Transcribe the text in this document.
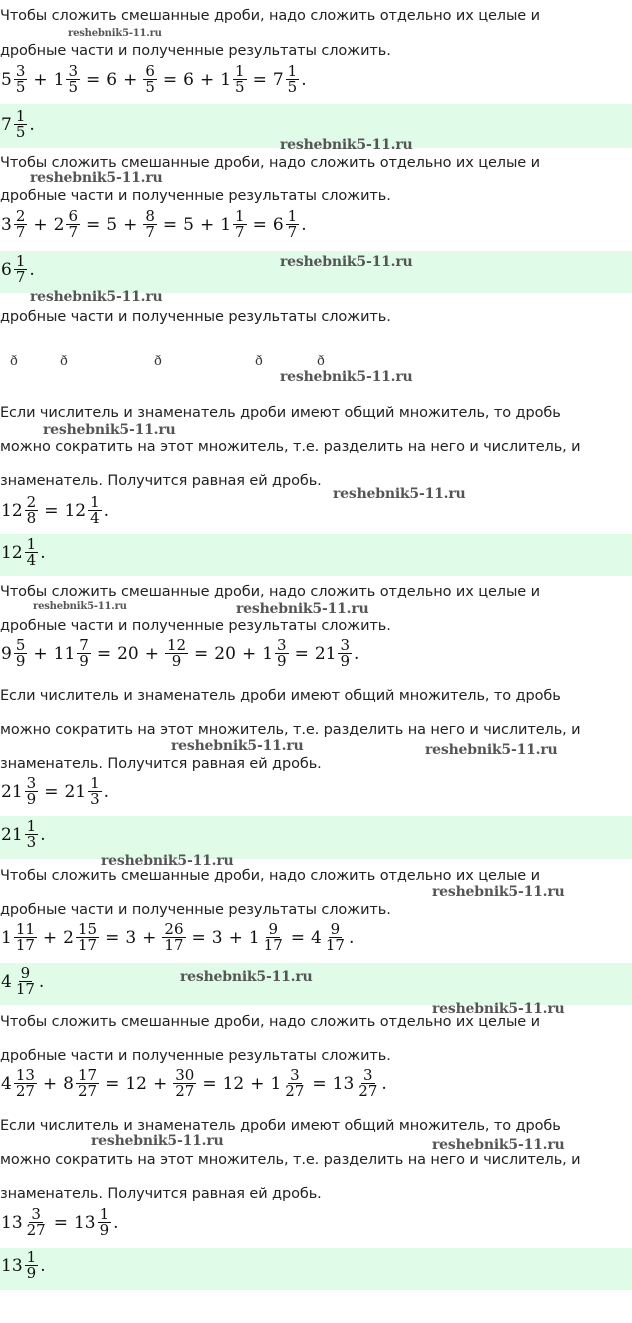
Чтобы сложить смешанные дроби, надо сложить отдельно их целые и
дробные части и полученные результаты сложить.
$5 \frac{3}{5} + 1 \frac{3}{5} = 6 + \frac{6}{5} = 6 + 1 \frac{1}{5} = 7 \frac{1}{5}$ .
$7 \frac{1}{5}$ .
Чтобы сложить смешанные дроби, надо сложить отдельно их целые и
дробные части и полученные результаты сложить.
$3 \frac{2}{7} + 2 \frac{6}{7} = 5 + \frac{8}{7} = 5 + 1 \frac{1}{7} = 6 \frac{1}{7}$ .
$6 \frac{1}{7}$ .
дробные части и полученные результаты сложить.
ð	ð	ð	ð	ð
Если числитель и знаменатель дроби имеют общий множитель, то дробь
можно сократить на этот множитель, т.е. разделить на него и числитель, и
знаменатель. Получится равная ей дробь.
$12 \frac{2}{8} = 12 \frac{1}{4}$ .
$12 \frac{1}{4}$ .
Чтобы сложить смешанные дроби, надо сложить отдельно их целые и
дробные части и полученные результаты сложить.
$9 \frac{5}{9} + 11 \frac{7}{9} = 20 + \frac{12}{9} = 20 + 1 \frac{3}{9} = 21 \frac{3}{9}$ .
Если числитель и знаменатель дроби имеют общий множитель, то дробь
можно сократить на этот множитель, т.е. разделить на него и числитель, и
знаменатель. Получится равная ей дробь.
$21 \frac{3}{9} = 21 \frac{1}{3}$ .
$21 \frac{1}{3}$ .
Чтобы сложить смешанные дроби, надо сложить отдельно их целые и
дробные части и полученные результаты сложить.
$1 \frac{11}{17} + 2 \frac{15}{17} = 3 + \frac{26}{17} = 3 + 1 \frac{9}{17} = 4 \frac{9}{17}$ .
$4 \frac{9}{17}$ .
Чтобы сложить смешанные дроби, надо сложить отдельно их целые и
дробные части и полученные результаты сложить.
$4 \frac{13}{27} + 8 \frac{17}{27} = 12 + \frac{30}{27} = 12 + 1 \frac{3}{27} = 13 \frac{3}{27}$ .
Если числитель и знаменатель дроби имеют общий множитель, то дробь
можно сократить на этот множитель, т.е. разделить на него и числитель, и
знаменатель. Получится равная ей дробь.
$13 \frac{3}{27} = 13 \frac{1}{9}$ .
$13 \frac{1}{9}$ .
reshebnik5-11.ru
reshebnik5-11.ru
reshebnik5-11.ru
reshebnik5-11.ru
reshebnik5-11.ru
reshebnik5-11.ru
reshebnik5-11.ru
reshebnik5-11.ru
reshebnik5-11.ru	reshebnik5-11.ru
reshebnik5-11.ru	reshebnik5-11.ru
reshebnik5-11.ru
reshebnik5-11.ru
reshebnik5-11.ru
reshebnik5-11.ru
reshebnik5-11.ru	reshebnik5-11.ru
